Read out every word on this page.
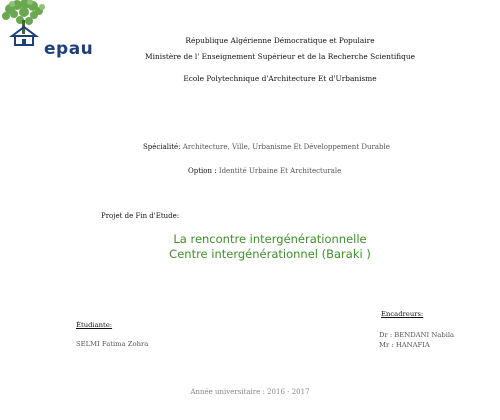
epau	République Algérienne Démocratique et Populaire
Ministère de l' Enseignement Supérieur et de la Recherche Scientifique
Ecole Polytechnique d'Architecture Et d'Urbanisme
Spécialité: Architecture, Ville, Urbanisme Et Développement Durable
Option : Identité Urbaine Et Architecturale
Projet de Fin d'Etude:
La rencontre intergénérationnelle
Centre intergénérationnel (Baraki )
Encadreurs:
Dr : BENDANI Nabila
Mr : HANAFIA
Étudiante:
SELMI Fatima Zohra
Année universitaire : 2016 - 2017
